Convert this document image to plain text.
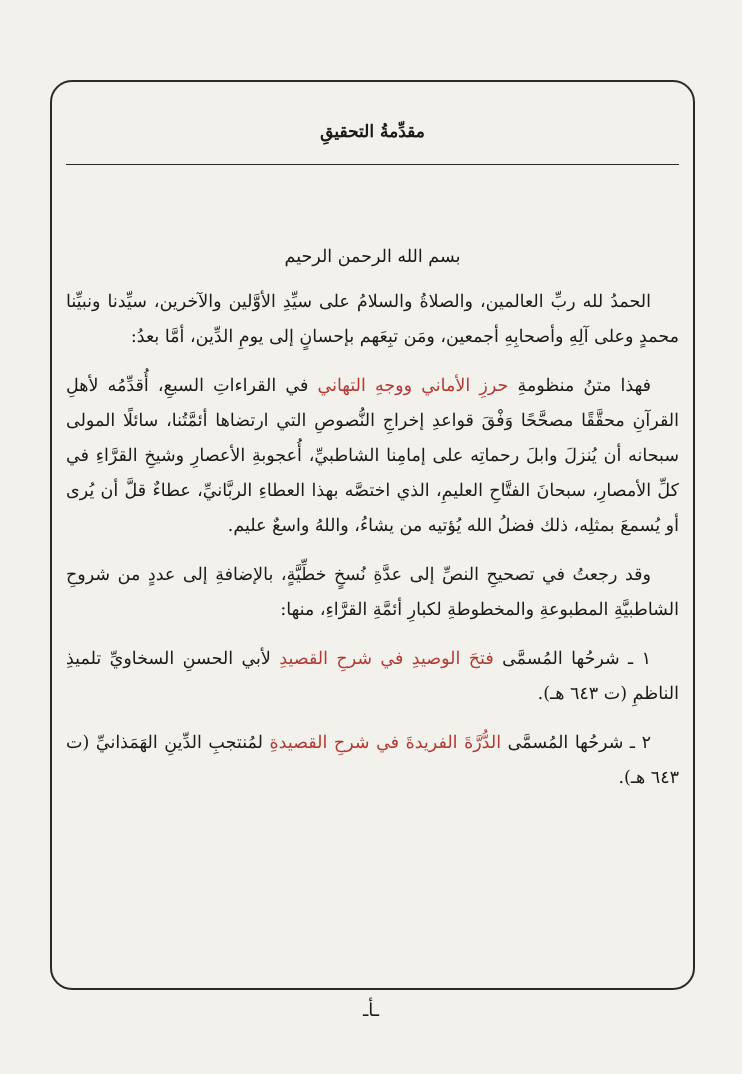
مقدِّمةُ التحقيقِ

بسم الله الرحمن الرحيم

الحمدُ لله ربِّ العالمين، والصلاةُ والسلامُ على سيِّدِ الأوَّلين والآخرين، سيِّدنا ونبيِّنا محمدٍ وعلى آلِهِ وأصحابِهِ أجمعين، ومَن تبِعَهم بإحسانٍ إلى يومِ الدِّين، أمَّا بعدُ:

فهذا متنُ منظومةِ حرزِ الأماني ووجهِ التهاني في القراءاتِ السبعِ، أُقدِّمُه لأهلِ القرآنِ محقَّقًا مصحَّحًا وَفْقَ قواعدِ إخراجِ النُّصوصِ التي ارتضاها أئمَّتُنا، سائلًا المولى سبحانه أن يُنزلَ وابلَ رحماتِه على إمامِنا الشاطبيِّ، أُعجوبةِ الأعصارِ وشيخِ القرَّاءِ في كلِّ الأمصارِ، سبحانَ الفتَّاحِ العليمِ، الذي اختصَّه بهذا العطاءِ الربَّانيِّ، عطاءٌ قلَّ أن يُرى أو يُسمعَ بمثلِه، ذلك فضلُ الله يُؤتيه من يشاءُ، واللهُ واسعٌ عليم.

وقد رجعتُ في تصحيحِ النصِّ إلى عدَّةِ نُسخٍ خطِّيَّةٍ، بالإضافةِ إلى عددٍ من شروحِ الشاطبيَّةِ المطبوعةِ والمخطوطةِ لكبارِ أئمَّةِ القرَّاءِ، منها:

١ ـ شرحُها المُسمَّى فتحَ الوصيدِ في شرحِ القصيدِ لأبي الحسنِ السخاويِّ تلميذِ الناظمِ (ت ٦٤٣ هـ).

٢ ـ شرحُها المُسمَّى الدُّرَّةَ الفريدةَ في شرحِ القصيدةِ لمُنتجبِ الدِّينِ الهَمَذانيِّ (ت ٦٤٣ هـ).

ـأـ
